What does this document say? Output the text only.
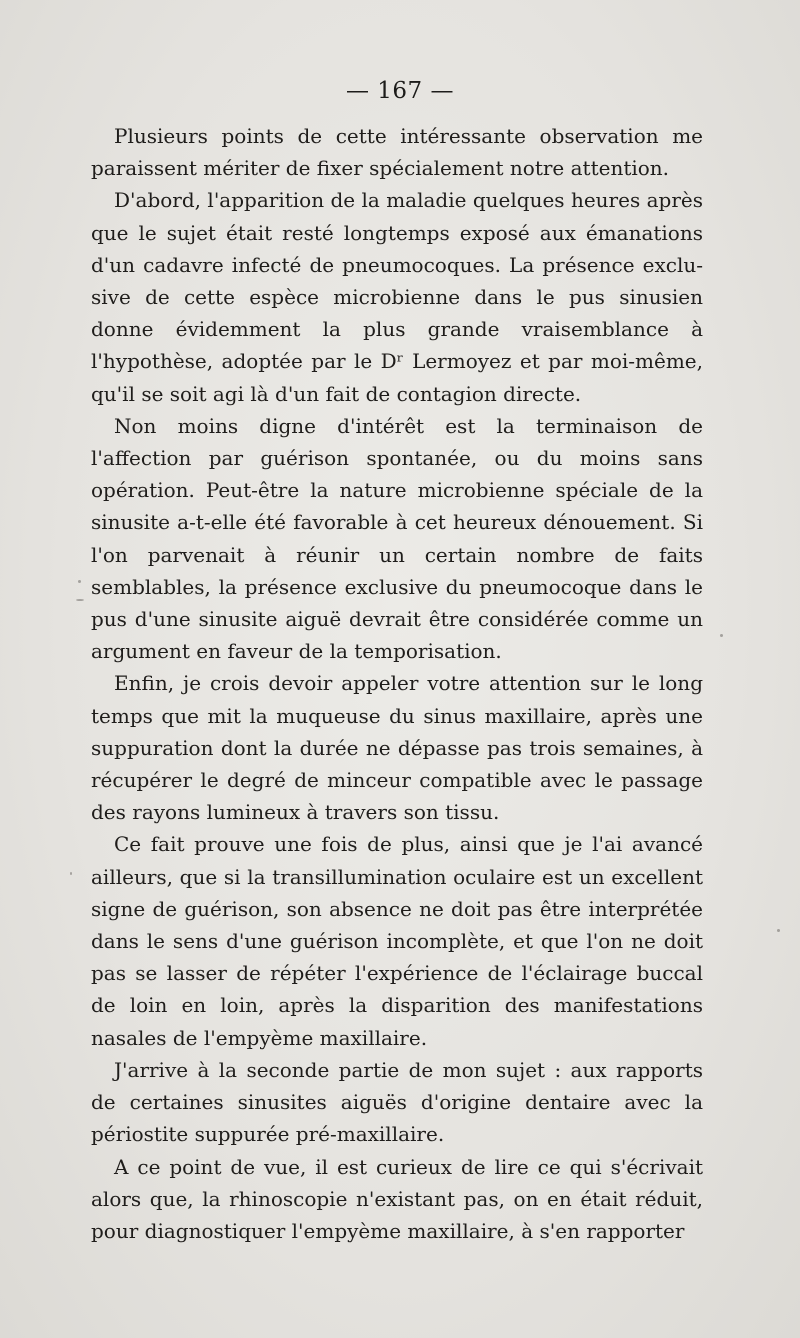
— 167 —

Plusieurs points de cette intéressante observation me paraissent mériter de fixer spécialement notre attention.

D'abord, l'apparition de la maladie quelques heures après que le sujet était resté longtemps exposé aux émanations d'un cadavre infecté de pneumocoques. La présence exclusive de cette espèce microbienne dans le pus sinusien donne évidemment la plus grande vraisemblance à l'hypothèse, adoptée par le Dʳ Lermoyez et par moi-même, qu'il se soit agi là d'un fait de contagion directe.

Non moins digne d'intérêt est la terminaison de l'affection par guérison spontanée, ou du moins sans opération. Peut-être la nature microbienne spéciale de la sinusite a-t-elle été favorable à cet heureux dénouement. Si l'on parvenait à réunir un certain nombre de faits semblables, la présence exclusive du pneumocoque dans le pus d'une sinusite aiguë devrait être considérée comme un argument en faveur de la temporisation.

Enfin, je crois devoir appeler votre attention sur le long temps que mit la muqueuse du sinus maxillaire, après une suppuration dont la durée ne dépasse pas trois semaines, à récupérer le degré de minceur compatible avec le passage des rayons lumineux à travers son tissu.

Ce fait prouve une fois de plus, ainsi que je l'ai avancé ailleurs, que si la transillumination oculaire est un excellent signe de guérison, son absence ne doit pas être interprétée dans le sens d'une guérison incomplète, et que l'on ne doit pas se lasser de répéter l'expérience de l'éclairage buccal de loin en loin, après la disparition des manifestations nasales de l'empyème maxillaire.

J'arrive à la seconde partie de mon sujet : aux rapports de certaines sinusites aiguës d'origine dentaire avec la périostite suppurée pré-maxillaire.

A ce point de vue, il est curieux de lire ce qui s'écrivait alors que, la rhinoscopie n'existant pas, on en était réduit, pour diagnostiquer l'empyème maxillaire, à s'en rapporter
